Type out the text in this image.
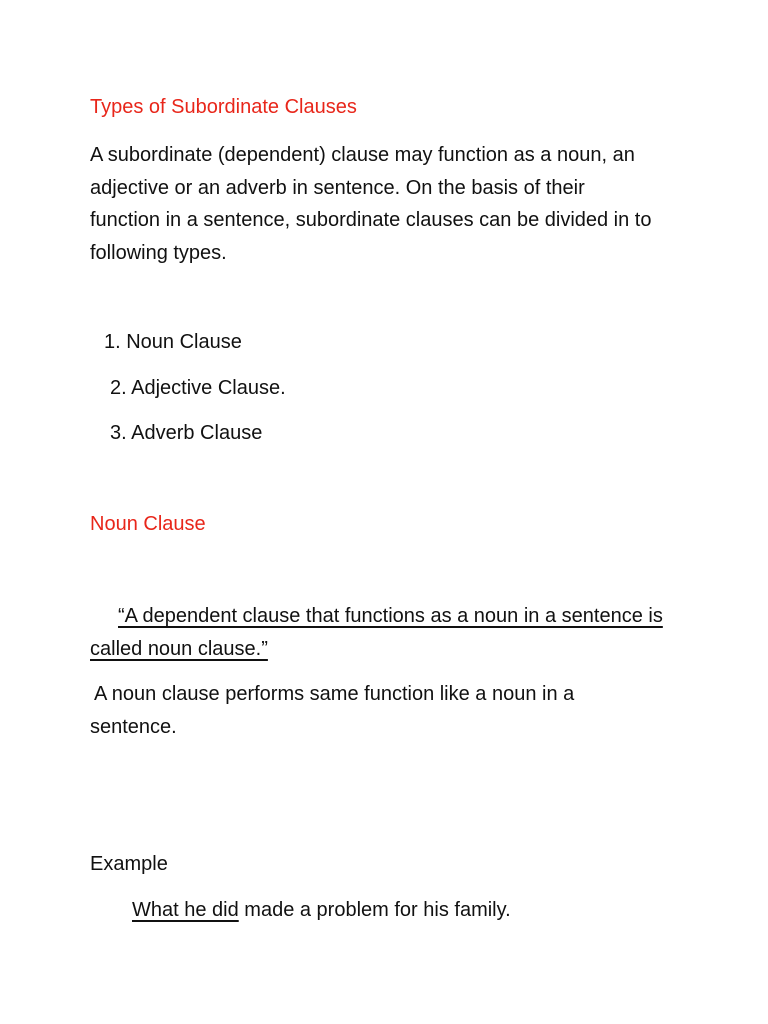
Types of Subordinate Clauses

A subordinate (dependent) clause may function as a noun, an
adjective or an adverb in sentence. On the basis of their
function in a sentence, subordinate clauses can be divided in to
following types.

1. Noun Clause

2. Adjective Clause.

3. Adverb Clause

Noun Clause

“A dependent clause that functions as a noun in a sentence is
called noun clause.”

A noun clause performs same function like a noun in a
sentence.

Example

What he did made a problem for his family.
